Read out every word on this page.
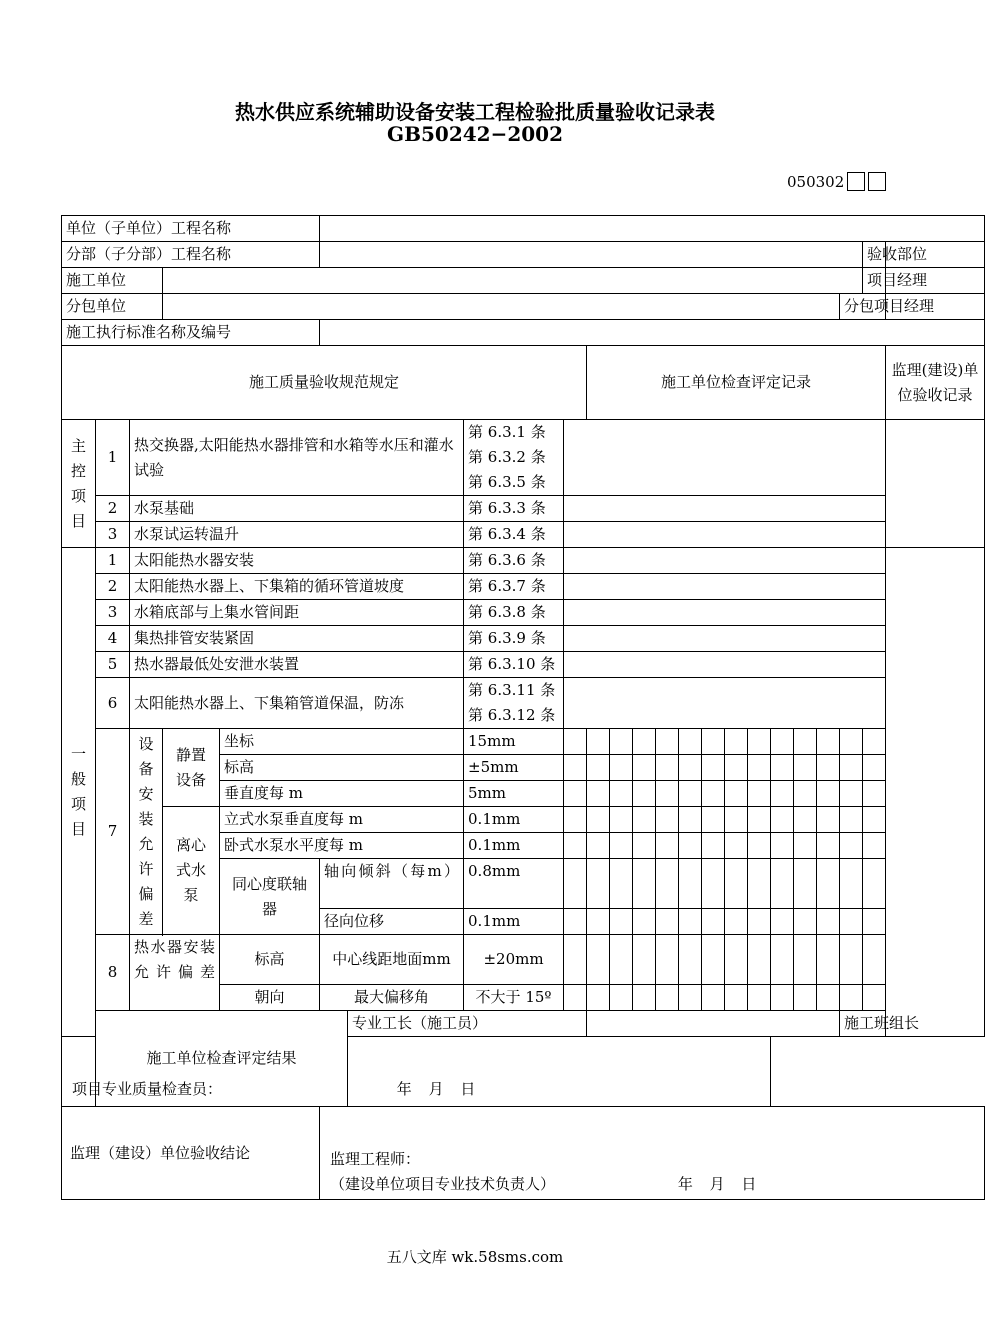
热水供应系统辅助设备安装工程检验批质量验收记录表
GB50242−2002
050302
单位（子单位）工程名称																							
分部（子分部）工程名称																					验收部位		
施工单位																					项目经理		
分包单位																				分包项目经理			
施工执行标准名称及编号																							
施工质量验收规范规定									施工单位检查评定记录													监理(建设)单位验收记录	
主控项目	1	热交换器,太阳能热水器排管和水箱等水压和灌水试验					第 6.3.1 条
第 6.3.2 条
第 6.3.5 条																

	2	水泵基础					第 6.3.3 条																
	3	水泵试运转温升					第 6.3.4 条																
一般项目	1	太阳能热水器安装					第 6.3.6 条																
	2	太阳能热水器上、下集箱的循环管道坡度					第 6.3.7 条																
	3	水箱底部与上集水管间距					第 6.3.8 条																
	4	集热排管安装紧固					第 6.3.9 条																
	5	热水器最低处安泄水装置					第 6.3.10 条																
	6	太阳能热水器上、下集箱管道保温，防冻					第 6.3.11 条
第 6.3.12 条																

	7	设备安装允许偏差	静置设备	坐标			15mm																
				标高			±5mm																
				垂直度每 m			5mm																
			离心式水泵	立式水泵垂直度每 m			0.1mm																
				卧式水泵水平度每 m			0.1mm																
				同心度联轴器	轴向倾斜（每m）		0.8mm																
					径向位移		0.1mm																

	8	热水器安装允许偏差		标高	中心线距地面mm		±20mm																
				朝向	最大偏移角		不大于 15º																
	施工单位检查评定结果					专业工长（施工员）														施工班组长			
项目专业质量检查员： 年 月 日																							
监理（建设）单位验收结论					监理工程师：
（建设单位项目专业技术负责人） 年 月 日																		
五八文库 wk.58sms.com
